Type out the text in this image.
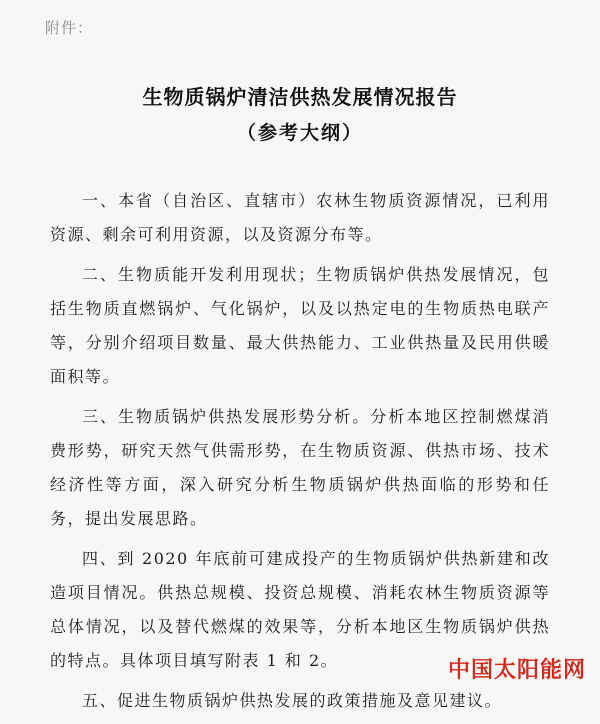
附件：
生物质锅炉清洁供热发展情况报告
（参考大纲）

一、本省（自治区、直辖市）农林生物质资源情况，已利用资源、剩余可利用资源，以及资源分布等。

二、生物质能开发利用现状；生物质锅炉供热发展情况，包括生物质直燃锅炉、气化锅炉，以及以热定电的生物质热电联产等，分别介绍项目数量、最大供热能力、工业供热量及民用供暖面积等。

三、生物质锅炉供热发展形势分析。分析本地区控制燃煤消费形势，研究天然气供需形势，在生物质资源、供热市场、技术经济性等方面，深入研究分析生物质锅炉供热面临的形势和任务，提出发展思路。

四、到 2020 年底前可建成投产的生物质锅炉供热新建和改造项目情况。供热总规模、投资总规模、消耗农林生物质资源等总体情况，以及替代燃煤的效果等，分析本地区生物质锅炉供热的特点。具体项目填写附表 1 和 2。

五、促进生物质锅炉供热发展的政策措施及意见建议。

中国太阳能网
